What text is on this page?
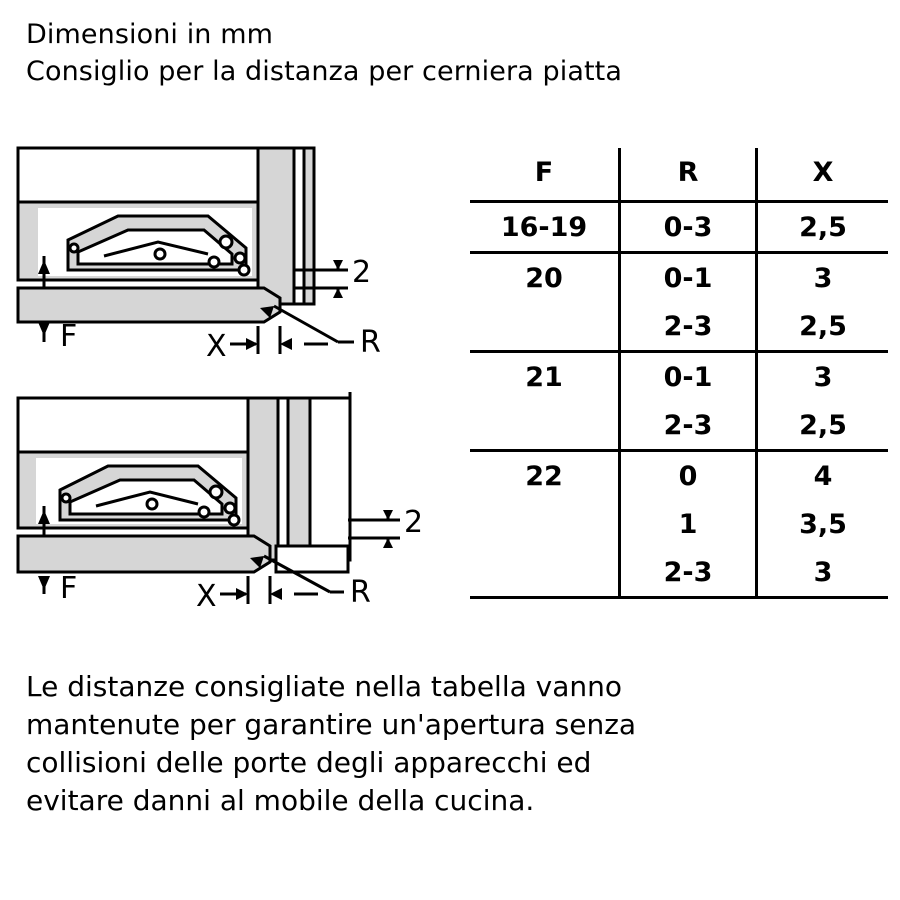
Dimensioni in mm
Consiglio per la distanza per cerniera piatta
2
F	X	R
2
F	X	R
F	R	X
16-19	0-3	2,5
20	0-1	3
	2-3	2,5
21	0-1	3
	2-3	2,5
22	0	4
	1	3,5
	2-3	3
Le distanze consigliate nella tabella vanno
mantenute per garantire un'apertura senza
collisioni delle porte degli apparecchi ed
evitare danni al mobile della cucina.
